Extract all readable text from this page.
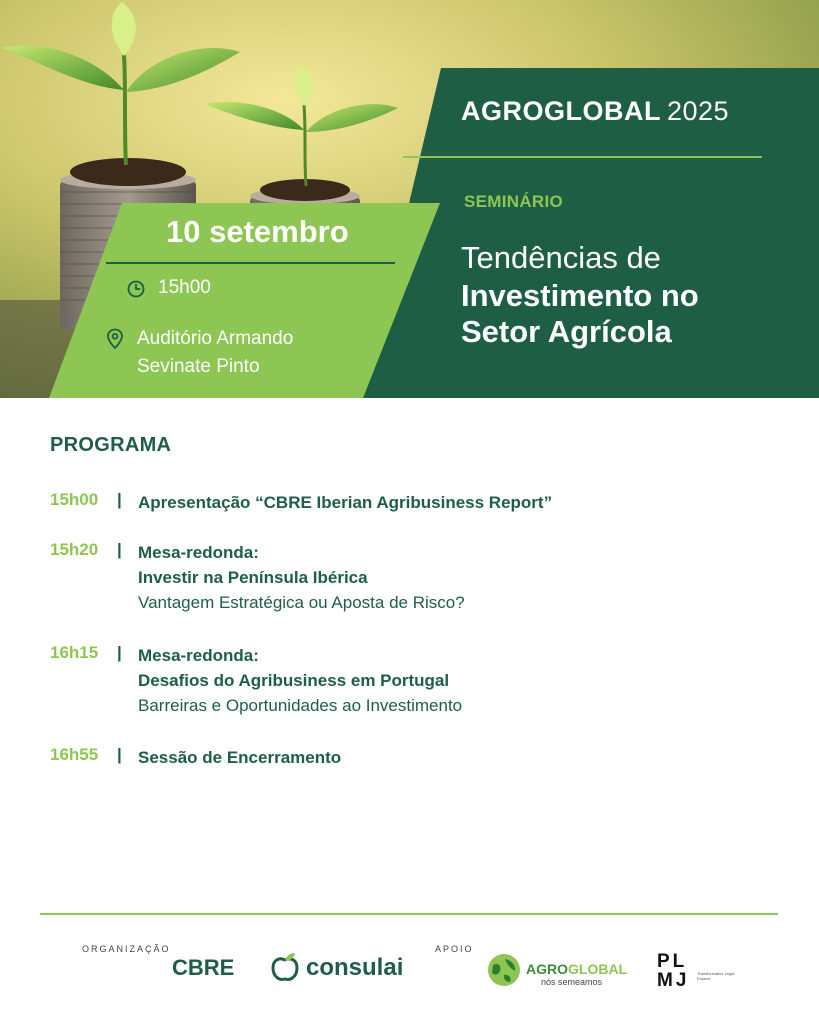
AGROGLOBAL 2025
SEMINÁRIO
Tendências de
Investimento no
Setor Agrícola
10 setembro
15h00
Auditório Armando
Sevinate Pinto
PROGRAMA
15h00 | Apresentação “CBRE Iberian Agribusiness Report”
15h20 | Mesa-redonda:
Investir na Península Ibérica
Vantagem Estratégica ou Aposta de Risco?
16h15 | Mesa-redonda:
Desafios do Agribusiness em Portugal
Barreiras e Oportunidades ao Investimento
16h55 | Sessão de Encerramento
ORGANIZAÇÃO	APOIO
CBRE	consulai	AGROGLOBAL
nós semeamos
PL
MJ Transformative Legal Experts
